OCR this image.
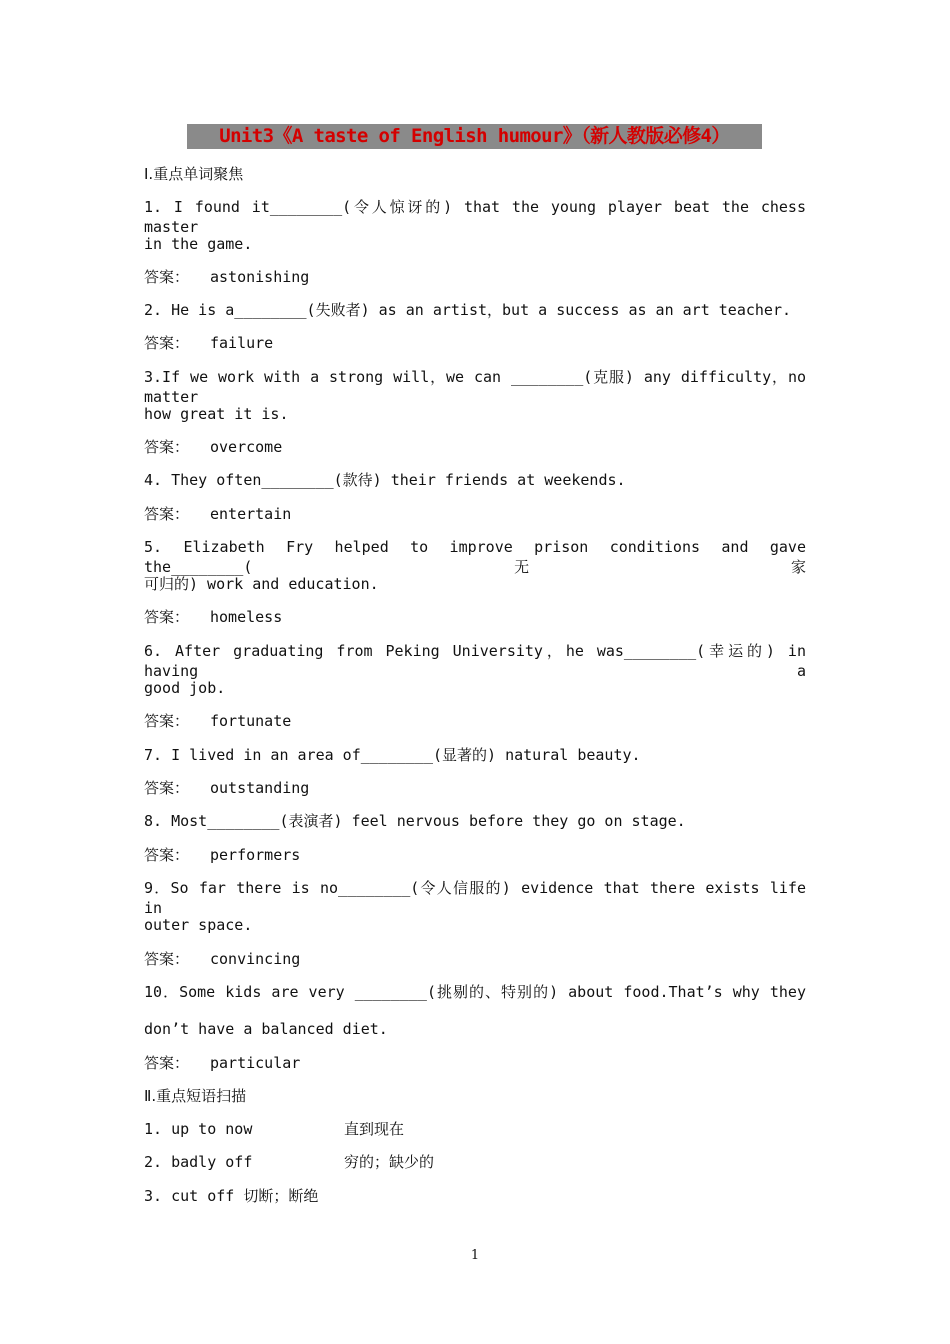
Unit3《A taste of English humour》（新人教版必修4）
Ⅰ.重点单词聚焦
1. I found it________(令人惊讶的) that the young player beat the chess master
in the game.
答案： astonishing
2. He is a________(失败者) as an artist，but a success as an art teacher.
答案： failure
3.If we work with a strong will，we can ________(克服) any difficulty，no matter
how great it is.
答案： overcome
4. They often________(款待) their friends at weekends.
答案： entertain
5. Elizabeth Fry helped to improve prison conditions and gave the________(无家
可归的) work and education.
答案： homeless
6. After graduating from Peking University，he was________(幸运的) in having a
good job.
答案： fortunate
7. I lived in an area of________(显著的) natural beauty.
答案： outstanding
8. Most________(表演者) feel nervous before they go on stage.
答案： performers
9．So far there is no________(令人信服的) evidence that there exists life in
outer space.
答案： convincing
10．Some kids are very ________(挑剔的、特别的) about food.That’s why they
don’t have a balanced diet.
答案： particular
Ⅱ.重点短语扫描
1. up to now	直到现在
2. badly off	穷的；缺少的
3. cut off 切断；断绝
1
